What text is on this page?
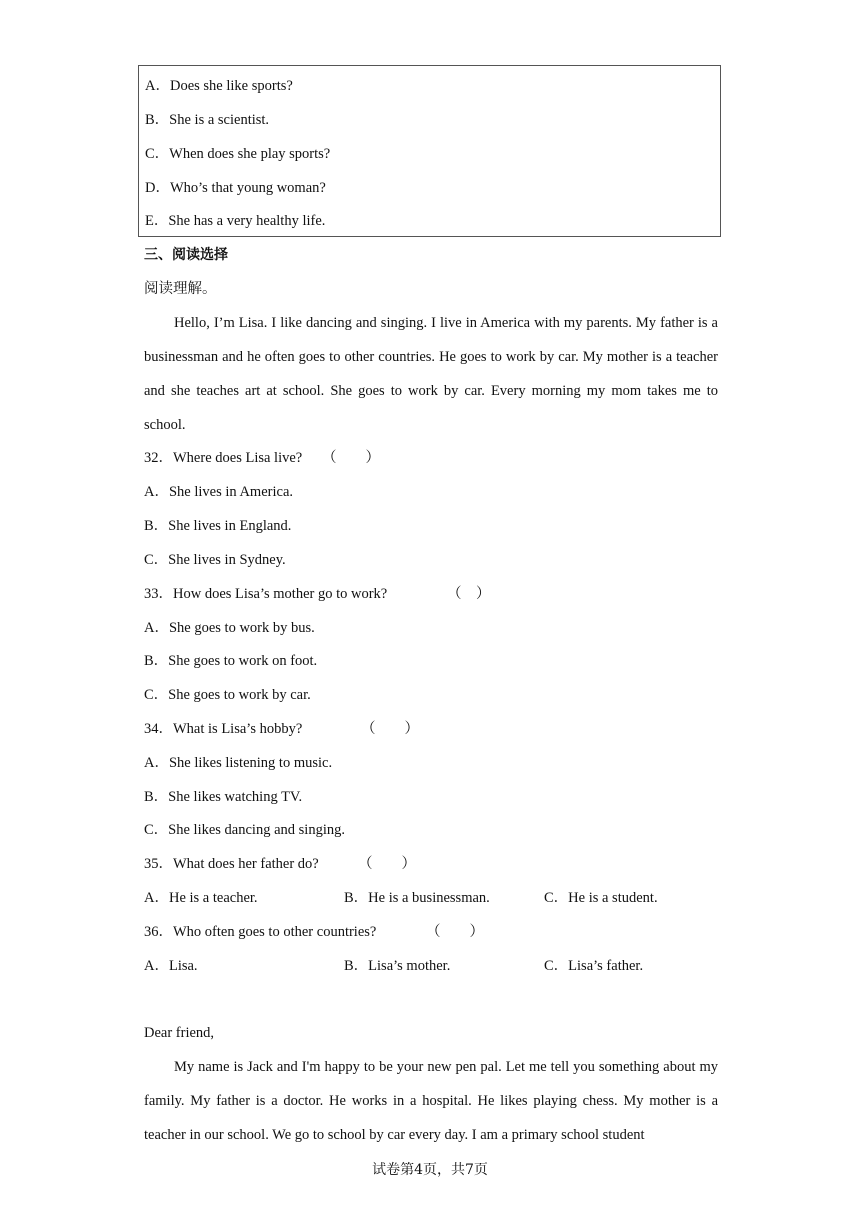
A．Does she like sports?
B．She is a scientist.
C．When does she play sports?
D．Who’s that young woman?
E．She has a very healthy life.
三、阅读选择
阅读理解。

Hello, I’m Lisa. I like dancing and singing. I live in America with my parents. My father is a businessman and he often goes to other countries. He goes to work by car. My mother is a teacher and she teaches art at school. She goes to work by car. Every morning my mom takes me to school.

32．Where does Lisa live? （　　）
A．She lives in America.
B．She lives in England.
C．She lives in Sydney.
33．How does Lisa’s mother go to work?	（　）
A．She goes to work by bus.
B．She goes to work on foot.
C．She goes to work by car.
34．What is Lisa’s hobby?	（　　）
A．She likes listening to music.
B．She likes watching TV.
C．She likes dancing and singing.
35．What does her father do?	（　　）
A．He is a teacher.	B．He is a businessman.	C．He is a student.
36．Who often goes to other countries?	（　　）
A．Lisa.	B．Lisa’s mother.	C．Lisa’s father.
Dear friend,

My name is Jack and I'm happy to be your new pen pal. Let me tell you something about my family. My father is a doctor. He works in a hospital. He likes playing chess. My mother is a teacher in our school. We go to school by car every day. I am a primary school student

试卷第4页，共7页
